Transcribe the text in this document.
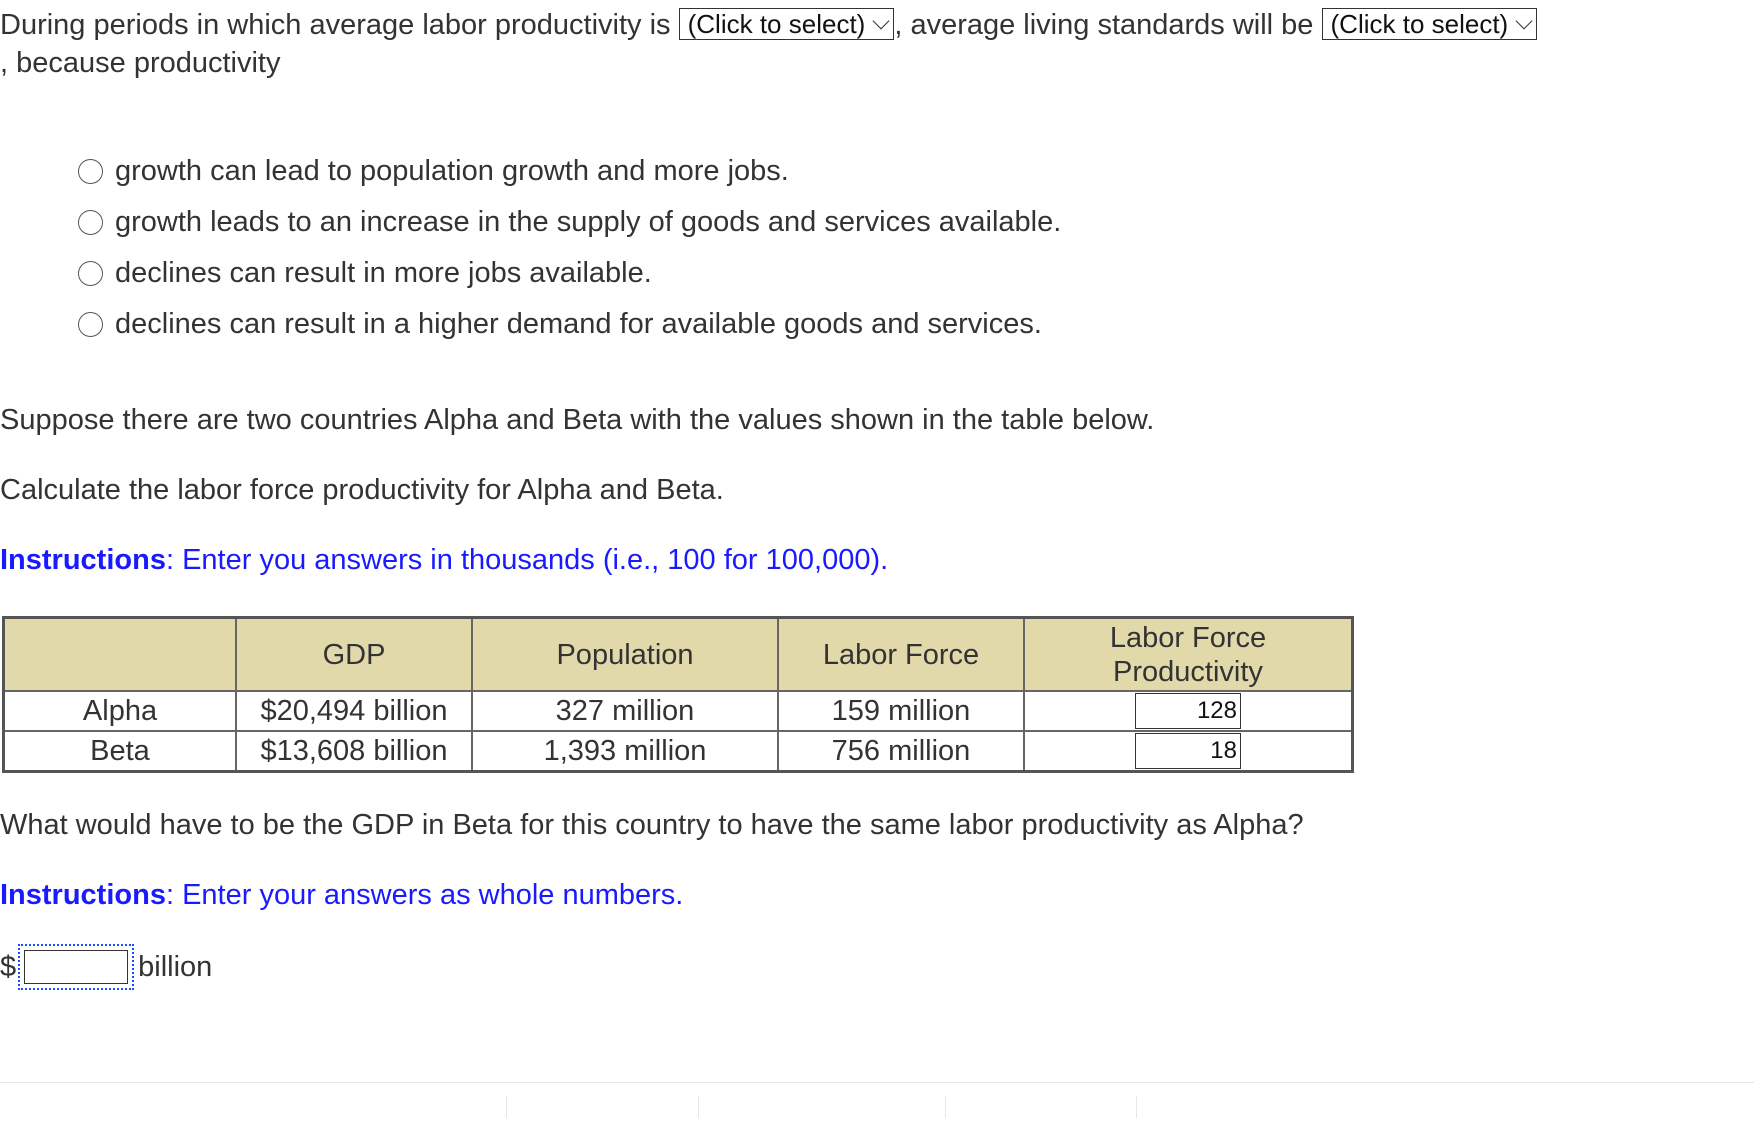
During periods in which average labor productivity is (Click to select) , average living standards will be (Click to select)
, because productivity
growth can lead to population growth and more jobs.
growth leads to an increase in the supply of goods and services available.
declines can result in more jobs available.
declines can result in a higher demand for available goods and services.
Suppose there are two countries Alpha and Beta with the values shown in the table below.
Calculate the labor force productivity for Alpha and Beta.
Instructions: Enter you answers in thousands (i.e., 100 for 100,000).
	GDP	Population	Labor Force	Labor Force Productivity

Alpha	$20,494 billion	327 million	159 million	128
Beta	$13,608 billion	1,393 million	756 million	18
What would have to be the GDP in Beta for this country to have the same labor productivity as Alpha?
Instructions: Enter your answers as whole numbers.
$	billion
